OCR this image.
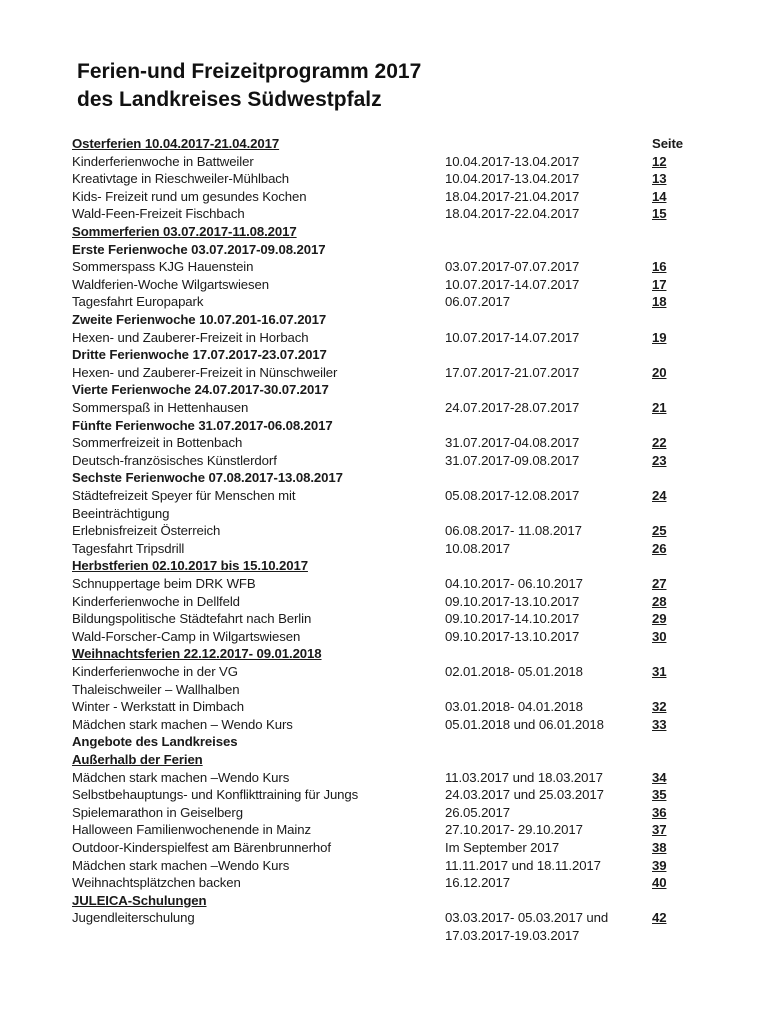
Ferien-und Freizeitprogramm 2017
des Landkreises Südwestpfalz
Seite
Osterferien 10.04.2017-21.04.2017
Kinderferienwoche in Battweiler	10.04.2017-13.04.2017	12
Kreativtage in Rieschweiler-Mühlbach	10.04.2017-13.04.2017	13
Kids- Freizeit rund um gesundes Kochen	18.04.2017-21.04.2017	14
Wald-Feen-Freizeit Fischbach	18.04.2017-22.04.2017	15
Sommerferien 03.07.2017-11.08.2017
Erste Ferienwoche 03.07.2017-09.08.2017
Sommerspass KJG Hauenstein	03.07.2017-07.07.2017	16
Waldferien-Woche Wilgartswiesen	10.07.2017-14.07.2017	17
Tagesfahrt Europapark	06.07.2017	18
Zweite Ferienwoche 10.07.201-16.07.2017
Hexen- und Zauberer-Freizeit in Horbach	10.07.2017-14.07.2017	19
Dritte Ferienwoche 17.07.2017-23.07.2017
Hexen- und Zauberer-Freizeit in Nünschweiler	17.07.2017-21.07.2017	20
Vierte Ferienwoche 24.07.2017-30.07.2017
Sommerspaß in Hettenhausen	24.07.2017-28.07.2017	21
Fünfte Ferienwoche 31.07.2017-06.08.2017
Sommerfreizeit in Bottenbach	31.07.2017-04.08.2017	22
Deutsch-französisches Künstlerdorf	31.07.2017-09.08.2017	23
Sechste Ferienwoche 07.08.2017-13.08.2017
Städtefreizeit Speyer für Menschen mit	05.08.2017-12.08.2017	24
Beeinträchtigung
Erlebnisfreizeit Österreich	06.08.2017- 11.08.2017	25
Tagesfahrt Tripsdrill	10.08.2017	26
Herbstferien 02.10.2017 bis 15.10.2017
Schnuppertage beim DRK WFB	04.10.2017- 06.10.2017	27
Kinderferienwoche in Dellfeld	09.10.2017-13.10.2017	28
Bildungspolitische Städtefahrt nach Berlin	09.10.2017-14.10.2017	29
Wald-Forscher-Camp in Wilgartswiesen	09.10.2017-13.10.2017	30
Weihnachtsferien 22.12.2017- 09.01.2018
Kinderferienwoche in der VG	02.01.2018- 05.01.2018	31
Thaleischweiler – Wallhalben
Winter - Werkstatt in Dimbach	03.01.2018- 04.01.2018	32
Mädchen stark machen – Wendo Kurs	05.01.2018 und 06.01.2018	33
Angebote des Landkreises
Außerhalb der Ferien
Mädchen stark machen –Wendo Kurs	11.03.2017 und 18.03.2017	34
Selbstbehauptungs- und Konflikttraining für Jungs	24.03.2017 und 25.03.2017	35
Spielemarathon in Geiselberg	26.05.2017	36
Halloween Familienwochenende in Mainz	27.10.2017- 29.10.2017	37
Outdoor-Kinderspielfest am Bärenbrunnerhof	Im September 2017	38
Mädchen stark machen –Wendo Kurs	11.11.2017 und 18.11.2017	39
Weihnachtsplätzchen backen	16.12.2017	40
JULEICA-Schulungen
Jugendleiterschulung	03.03.2017- 05.03.2017 und	42
17.03.2017-19.03.2017
